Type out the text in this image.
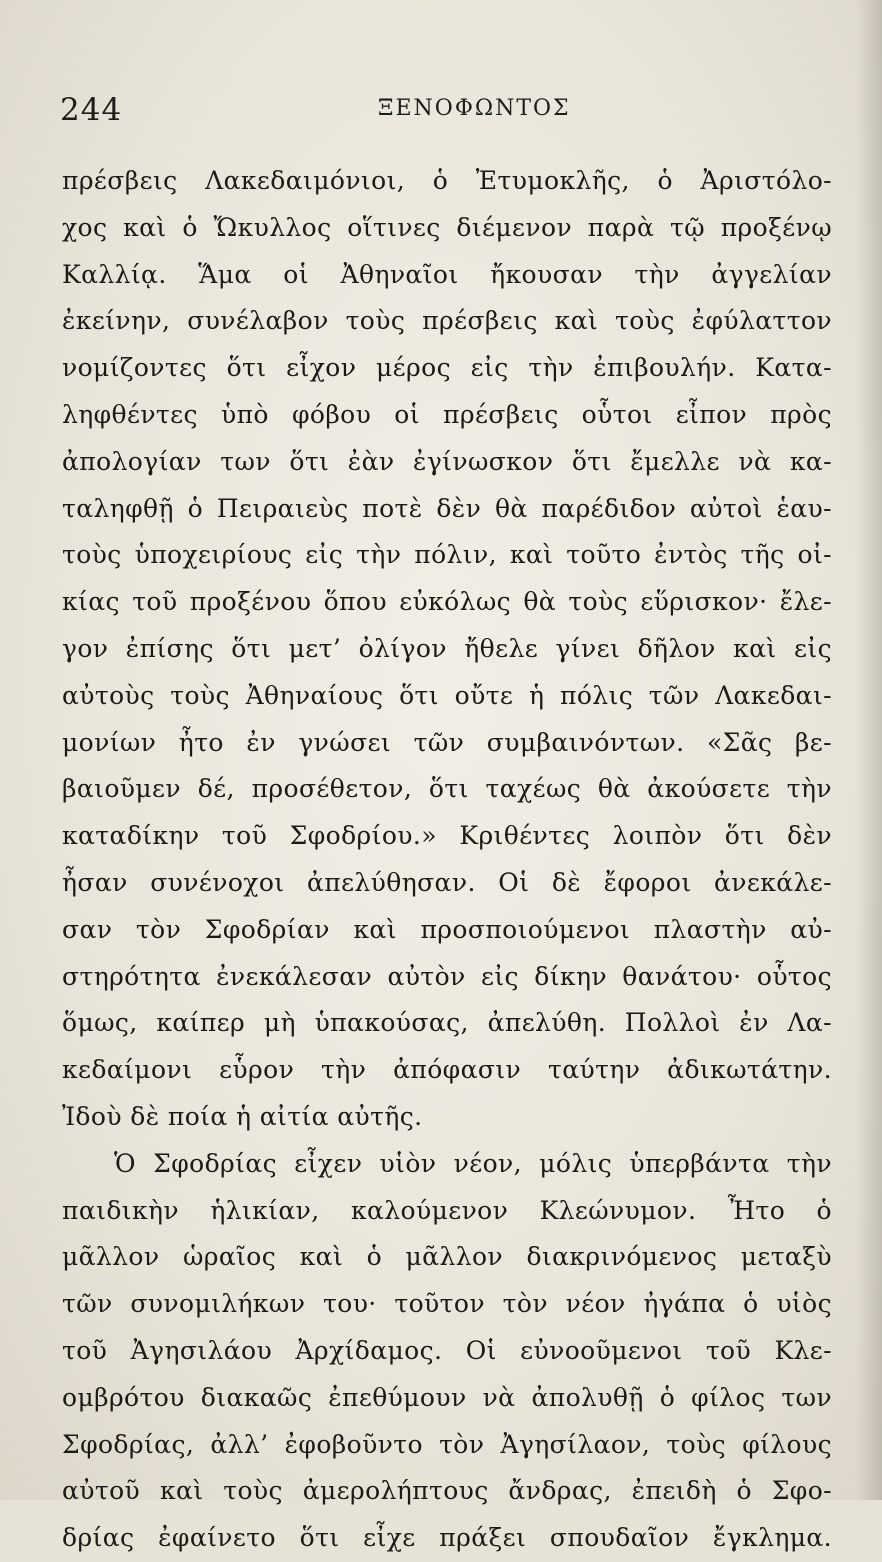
244	ΞΕΝΟΦΩΝΤΟΣ
πρέσβεις Λακεδαιμόνιοι, ὁ Ἐτυμοκλῆς, ὁ Ἀριστόλο-
χος καὶ ὁ Ὤκυλλος οἵτινες διέμενον παρὰ τῷ προξένῳ
Καλλίᾳ. Ἅμα οἱ Ἀθηναῖοι ἤκουσαν τὴν ἀγγελίαν
ἐκείνην, συνέλαβον τοὺς πρέσβεις καὶ τοὺς ἐφύλαττον
νομίζοντες ὅτι εἶχον μέρος εἰς τὴν ἐπιβουλήν. Κατα-
ληφθέντες ὑπὸ φόβου οἱ πρέσβεις οὗτοι εἶπον πρὸς
ἀπολογίαν των ὅτι ἐὰν ἐγίνωσκον ὅτι ἔμελλε νὰ κα-
ταληφθῇ ὁ Πειραιεὺς ποτὲ δὲν θὰ παρέδιδον αὐτοὶ ἑαυ-
τοὺς ὑποχειρίους εἰς τὴν πόλιν, καὶ τοῦτο ἐντὸς τῆς οἰ-
κίας τοῦ προξένου ὅπου εὐκόλως θὰ τοὺς εὕρισκον· ἔλε-
γον ἐπίσης ὅτι μετ’ ὀλίγον ἤθελε γίνει δῆλον καὶ εἰς
αὐτοὺς τοὺς Ἀθηναίους ὅτι οὔτε ἡ πόλις τῶν Λακεδαι-
μονίων ἦτο ἐν γνώσει τῶν συμβαινόντων. «Σᾶς βε-
βαιοῦμεν δέ, προσέθετον, ὅτι ταχέως θὰ ἀκούσετε τὴν
καταδίκην τοῦ Σφοδρίου.» Κριθέντες λοιπὸν ὅτι δὲν
ἦσαν συνένοχοι ἀπελύθησαν. Οἱ δὲ ἔφοροι ἀνεκάλε-
σαν τὸν Σφοδρίαν καὶ προσποιούμενοι πλαστὴν αὐ-
στηρότητα ἐνεκάλεσαν αὐτὸν εἰς δίκην θανάτου· οὗτος
ὅμως, καίπερ μὴ ὑπακούσας, ἀπελύθη. Πολλοὶ ἐν Λα-
κεδαίμονι εὗρον τὴν ἀπόφασιν ταύτην ἀδικωτάτην.
Ἰδοὺ δὲ ποία ἡ αἰτία αὐτῆς.
Ὁ Σφοδρίας εἶχεν υἱὸν νέον, μόλις ὑπερβάντα τὴν
παιδικὴν ἡλικίαν, καλούμενον Κλεώνυμον. Ἦτο ὁ
μᾶλλον ὡραῖος καὶ ὁ μᾶλλον διακρινόμενος μεταξὺ
τῶν συνομιλήκων του· τοῦτον τὸν νέον ἠγάπα ὁ υἱὸς
τοῦ Ἀγησιλάου Ἀρχίδαμος. Οἱ εὐνοοῦμενοι τοῦ Κλε-
ομβρότου διακαῶς ἐπεθύμουν νὰ ἀπολυθῇ ὁ φίλος των
Σφοδρίας, ἀλλ’ ἐφοβοῦντο τὸν Ἀγησίλαον, τοὺς φίλους
αὐτοῦ καὶ τοὺς ἀμερολήπτους ἄνδρας, ἐπειδὴ ὁ Σφο-
δρίας ἐφαίνετο ὅτι εἶχε πράξει σπουδαῖον ἔγκλημα.
